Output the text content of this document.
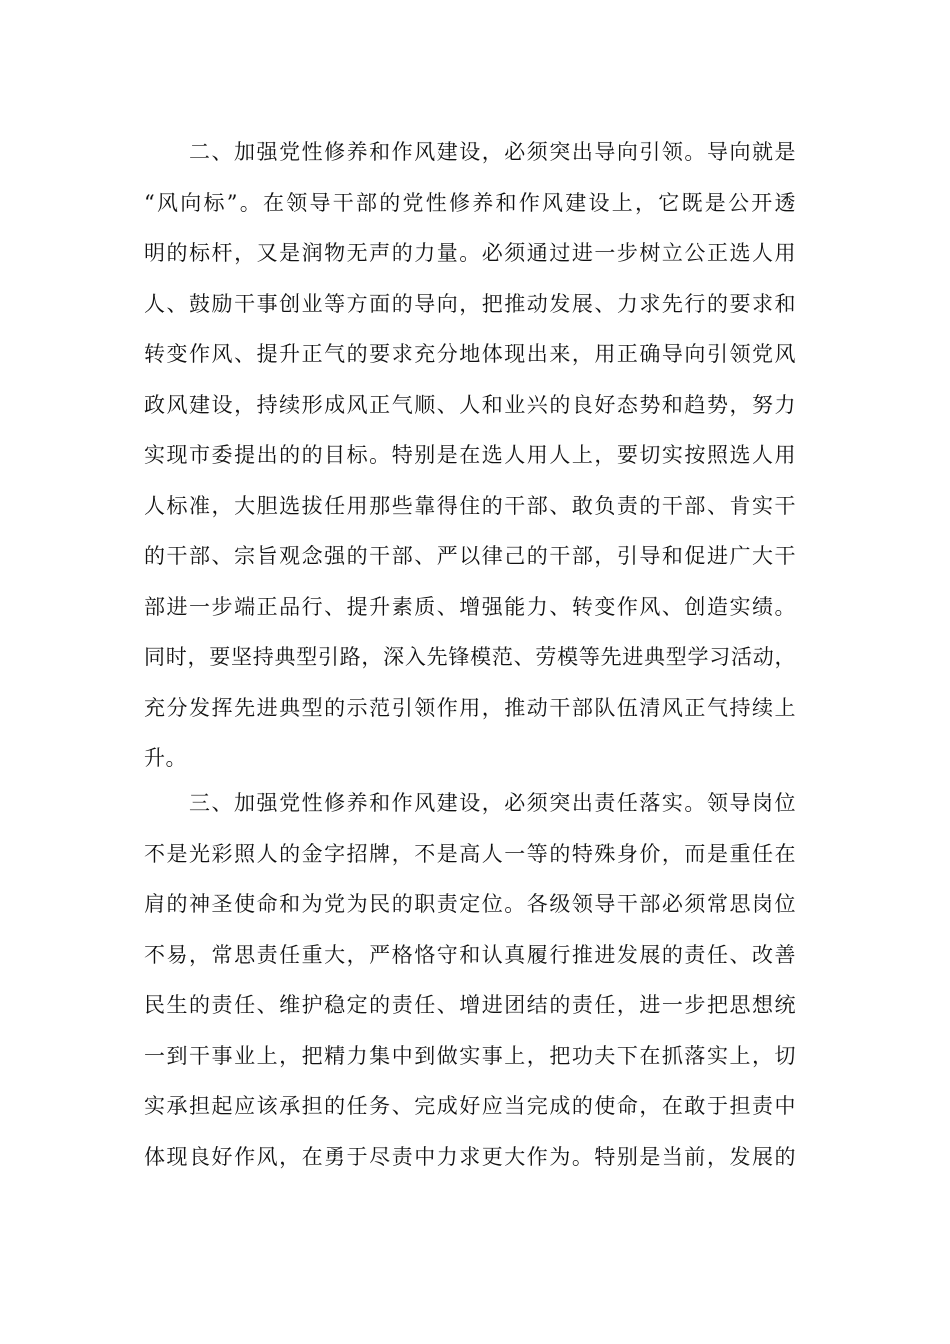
二、加强党性修养和作风建设，必须突出导向引领。导向就是
“风向标”。在领导干部的党性修养和作风建设上，它既是公开透
明的标杆，又是润物无声的力量。必须通过进一步树立公正选人用
人、鼓励干事创业等方面的导向，把推动发展、力求先行的要求和
转变作风、提升正气的要求充分地体现出来，用正确导向引领党风
政风建设，持续形成风正气顺、人和业兴的良好态势和趋势，努力
实现市委提出的的目标。特别是在选人用人上，要切实按照选人用
人标准，大胆选拔任用那些靠得住的干部、敢负责的干部、肯实干
的干部、宗旨观念强的干部、严以律己的干部，引导和促进广大干
部进一步端正品行、提升素质、增强能力、转变作风、创造实绩。
同时，要坚持典型引路，深入先锋模范、劳模等先进典型学习活动，
充分发挥先进典型的示范引领作用，推动干部队伍清风正气持续上
升。
三、加强党性修养和作风建设，必须突出责任落实。领导岗位
不是光彩照人的金字招牌，不是高人一等的特殊身价，而是重任在
肩的神圣使命和为党为民的职责定位。各级领导干部必须常思岗位
不易，常思责任重大，严格恪守和认真履行推进发展的责任、改善
民生的责任、维护稳定的责任、增进团结的责任，进一步把思想统
一到干事业上，把精力集中到做实事上，把功夫下在抓落实上，切
实承担起应该承担的任务、完成好应当完成的使命，在敢于担责中
体现良好作风，在勇于尽责中力求更大作为。特别是当前，发展的
